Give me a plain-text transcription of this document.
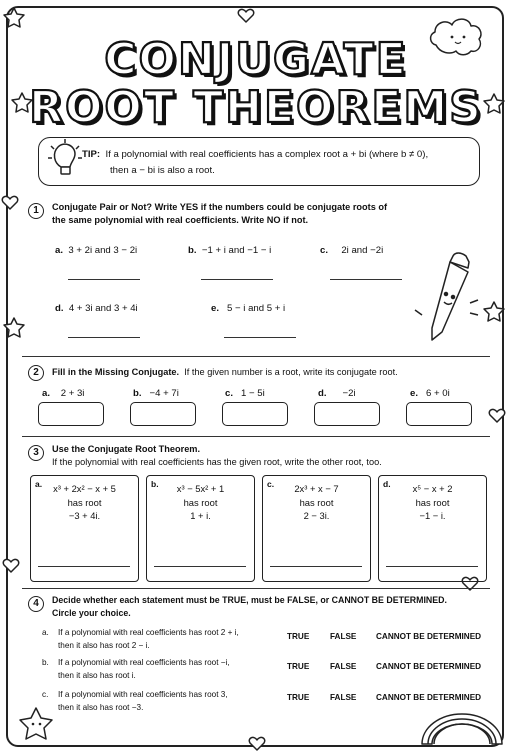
CONJUGATE
ROOT THEOREMS
TIP: If a polynomial with real coefficients has a complex root a + bi (where b ≠ 0),
then a − bi is also a root.
1	Conjugate Pair or Not? Write YES if the numbers could be conjugate roots of
the same polynomial with real coefficients. Write NO if not.
a. 3 + 2i and 3 − 2i	b. −1 + i and −1 − i	c. 2i and −2i
d. 4 + 3i and 3 + 4i	e. 5 − i and 5 + i
2	Fill in the Missing Conjugate. If the given number is a root, write its conjugate root.
a. 2 + 3i	b. −4 + 7i	c. 1 − 5i	d. −2i	e. 6 + 0i
3	Use the Conjugate Root Theorem.
If the polynomial with real coefficients has the given root, write the other root, too.
a.	x³ + 2x² − x + 5
has root
−3 + 4i.
b.	x³ − 5x² + 1
has root
1 + i.
c.	2x³ + x − 7
has root
2 − 3i.
d.	x⁵ − x + 2
has root
−1 − i.
4	Decide whether each statement must be TRUE, must be FALSE, or CANNOT BE DETERMINED.
Circle your choice.
a. If a polynomial with real coefficients has root 2 + i,
then it also has root 2 − i.
TRUE	FALSE CANNOT BE DETERMINED
b. If a polynomial with real coefficients has root −i,
then it also has root i.
TRUE	FALSE CANNOT BE DETERMINED
c. If a polynomial with real coefficients has root 3,
then it also has root −3.
TRUE	FALSE CANNOT BE DETERMINED
